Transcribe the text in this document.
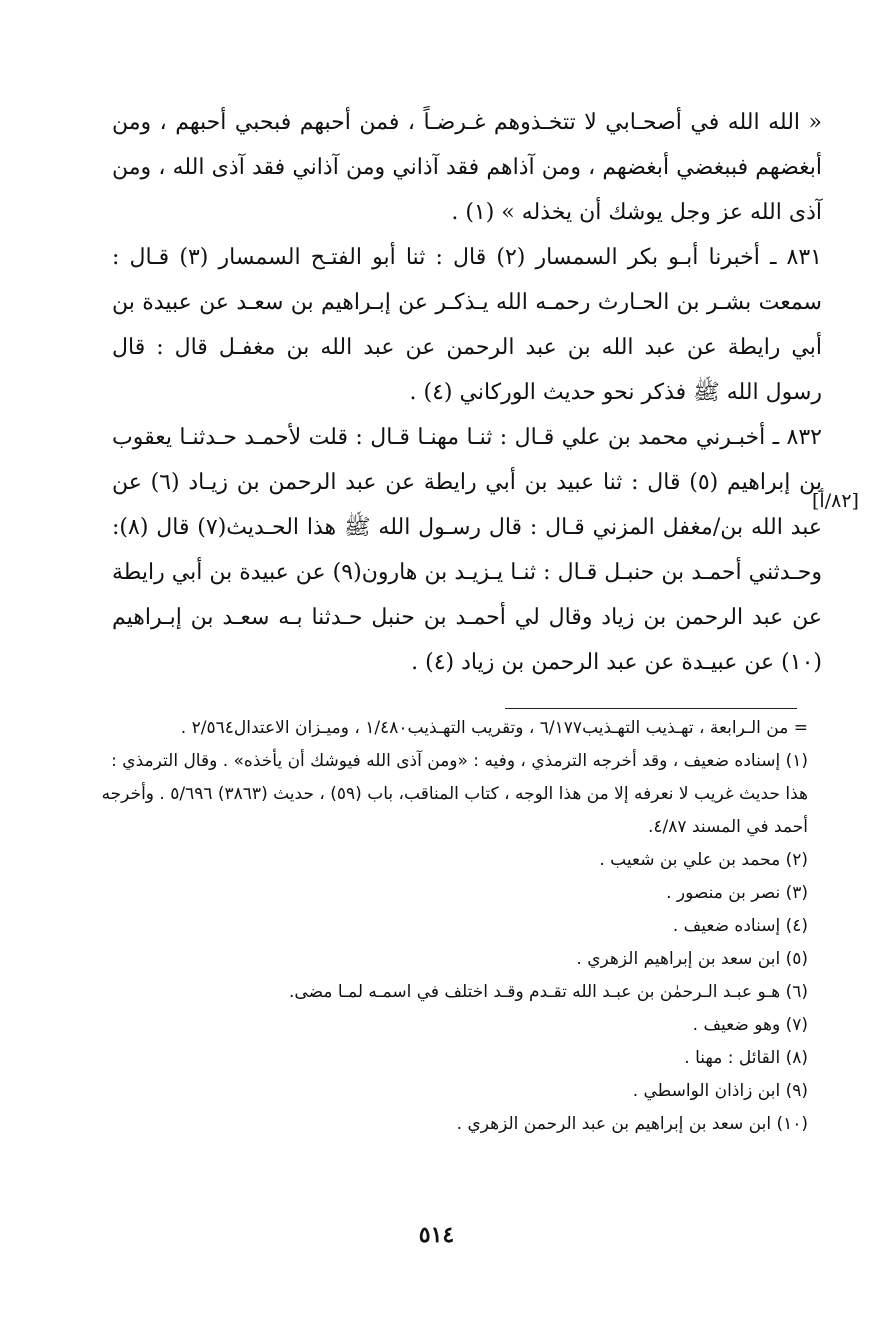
« الله الله في أصحـابي لا تتخـذوهم غـرضـاً ، فمن أحبهم فبحبي أحبهم ، ومن أبغضهم فببغضي أبغضهم ، ومن آذاهم فقد آذاني ومن آذاني فقد آذى الله ، ومن آذى الله عز وجل يوشك أن يخذله » (١) .

٨٣١ ـ أخبرنا أبـو بكر السمسار (٢) قال : ثنا أبو الفتـح السمسار (٣) قـال : سمعت بشـر بن الحـارث رحمـه الله يـذكـر عن إبـراهيم بن سعـد عن عبيدة بن أبي رايطة عن عبد الله بن عبد الرحمن عن عبد الله بن مغفـل قال : قال رسول الله ﷺ فذكر نحو حديث الوركاني (٤) .

٨٣٢ ـ أخبـرني محمد بن علي قـال : ثنـا مهنـا قـال : قلت لأحمـد حـدثنـا يعقوب بن إبراهيم (٥) قال : ثنا عبيد بن أبي رايطة عن عبد الرحمن بن زيـاد (٦) عن عبد الله بن/مغفل المزني قـال : قال رسـول الله ﷺ هذا الحـديث(٧) قال (٨): وحـدثني أحمـد بن حنبـل قـال : ثنـا يـزيـد بن هارون(٩) عن عبيدة بن أبي رايطة عن عبد الرحمن بن زياد وقال لي أحمـد بن حنبل حـدثنا بـه سعـد بن إبـراهيم (١٠) عن عبيـدة عن عبد الرحمن بن زياد (٤) .

[٨٢/أ]

= من الـرابعة ، تهـذيب التهـذيب٦/١٧٧ ، وتقريب التهـذيب١/٤٨٠ ، وميـزان الاعتدال٢/٥٦٤ .

(١) إسناده ضعيف ، وقد أخرجه الترمذي ، وفيه : «ومن آذى الله فيوشك أن يأخذه» . وقال الترمذي : هذا حديث غريب لا نعرفه إلا من هذا الوجه ، كتاب المناقب، باب (٥٩) ، حديث (٣٨٦٣) ٥/٦٩٦ . وأخرجه أحمد في المسند ٤/٨٧.

(٢) محمد بن علي بن شعيب .

(٣) نصر بن منصور .

(٤) إسناده ضعيف .

(٥) ابن سعد بن إبراهيم الزهري .

(٦) هـو عبـد الـرحمٰن بن عبـد الله تقـدم وقـد اختلف في اسمـه لمـا مضى.

(٧) وهو ضعيف .

(٨) القائل : مهنا .

(٩) ابن زاذان الواسطي .

(١٠) ابن سعد بن إبراهيم بن عبد الرحمن الزهري .

٥١٤
